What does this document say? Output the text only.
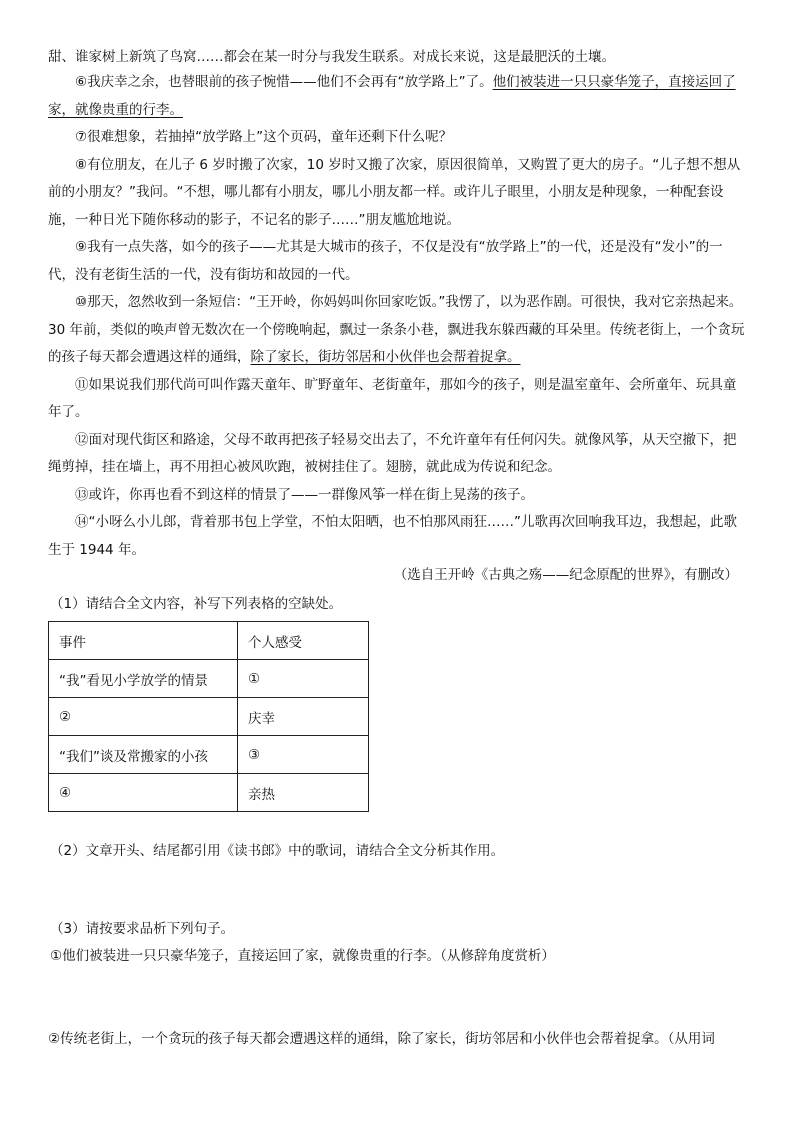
甜、谁家树上新筑了鸟窝……都会在某一时分与我发生联系。对成长来说，这是最肥沃的土壤。

⑥我庆幸之余，也替眼前的孩子惋惜——他们不会再有“放学路上”了。他们被装进一只只豪华笼子，直接运回了家，就像贵重的行李。

⑦很难想象，若抽掉“放学路上”这个页码，童年还剩下什么呢？

⑧有位朋友，在儿子 6 岁时搬了次家，10 岁时又搬了次家，原因很简单，又购置了更大的房子。“儿子想不想从前的小朋友？”我问。“不想，哪儿都有小朋友，哪儿小朋友都一样。或许儿子眼里，小朋友是种现象，一种配套设施，一种日光下随你移动的影子，不记名的影子……”朋友尴尬地说。

⑨我有一点失落，如今的孩子——尤其是大城市的孩子，不仅是没有“放学路上”的一代，还是没有“发小”的一代，没有老街生活的一代，没有街坊和故园的一代。

⑩那天，忽然收到一条短信：“王开岭，你妈妈叫你回家吃饭。”我愣了，以为恶作剧。可很快，我对它亲热起来。30 年前，类似的唤声曾无数次在一个傍晚响起，飘过一条条小巷，飘进我东躲西藏的耳朵里。传统老街上，一个贪玩的孩子每天都会遭遇这样的通缉，除了家长，街坊邻居和小伙伴也会帮着捉拿。

⑪如果说我们那代尚可叫作露天童年、旷野童年、老街童年，那如今的孩子，则是温室童年、会所童年、玩具童年了。

⑫面对现代街区和路途，父母不敢再把孩子轻易交出去了，不允许童年有任何闪失。就像风筝，从天空撤下，把绳剪掉，挂在墙上，再不用担心被风吹跑，被树挂住了。翅膀，就此成为传说和纪念。

⑬或许，你再也看不到这样的情景了——一群像风筝一样在街上晃荡的孩子。

⑭“小呀么小儿郎，背着那书包上学堂，不怕太阳晒，也不怕那风雨狂……”儿歌再次回响我耳边，我想起，此歌生于 1944 年。

（选自王开岭《古典之殇——纪念原配的世界》，有删改）
（1）请结合全文内容，补写下列表格的空缺处。
事件	个人感受
“我”看见小学放学的情景	①
②	庆幸
“我们”谈及常搬家的小孩	③
④	亲热
（2）文章开头、结尾都引用《读书郎》中的歌词，请结合全文分析其作用。
（3）请按要求品析下列句子。
①他们被装进一只只豪华笼子，直接运回了家，就像贵重的行李。（从修辞角度赏析）
②传统老街上，一个贪玩的孩子每天都会遭遇这样的通缉，除了家长，街坊邻居和小伙伴也会帮着捉拿。（从用词
